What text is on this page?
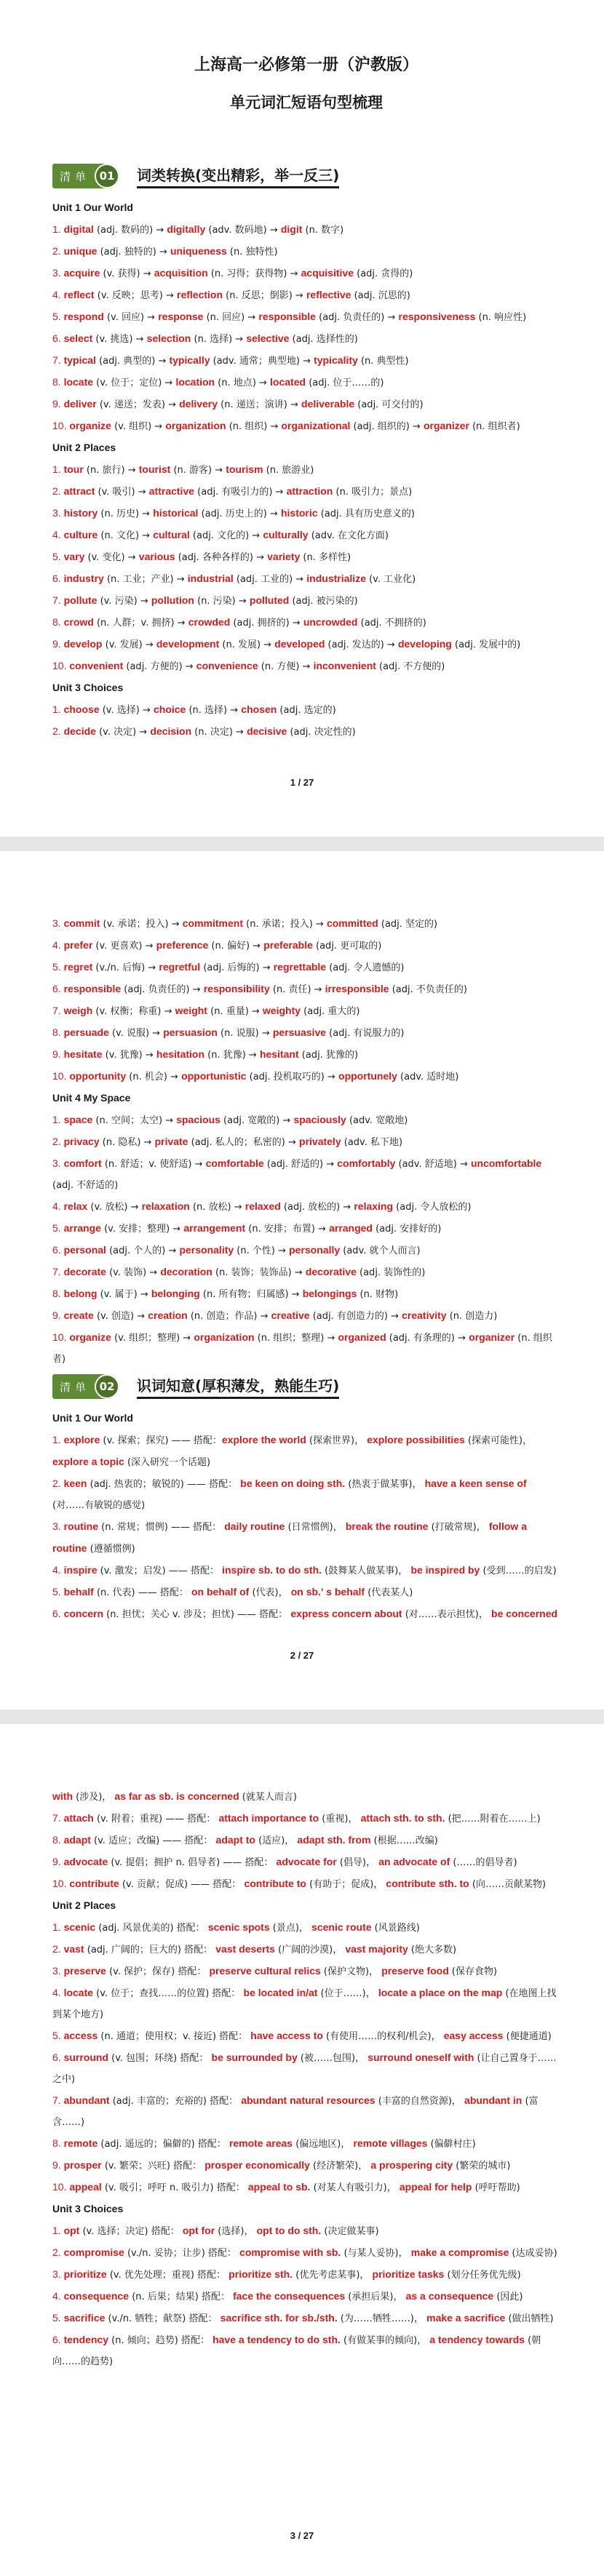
上海高一必修第一册（沪教版）
单元词汇短语句型梳理
清单 01	词类转换(变出精彩，举一反三)
Unit 1 Our World

1. digital (adj. 数码的) → digitally (adv. 数码地) → digit (n. 数字)

2. unique (adj. 独特的) → uniqueness (n. 独特性)

3. acquire (v. 获得) → acquisition (n. 习得；获得物) → acquisitive (adj. 贪得的)

4. reflect (v. 反映；思考) → reflection (n. 反思；倒影) → reflective (adj. 沉思的)

5. respond (v. 回应) → response (n. 回应) → responsible (adj. 负责任的) → responsiveness (n. 响应性)

6. select (v. 挑选) → selection (n. 选择) → selective (adj. 选择性的)

7. typical (adj. 典型的) → typically (adv. 通常；典型地) → typicality (n. 典型性)

8. locate (v. 位于；定位) → location (n. 地点) → located (adj. 位于……的)

9. deliver (v. 递送；发表) → delivery (n. 递送；演讲) → deliverable (adj. 可交付的)

10. organize (v. 组织) → organization (n. 组织) → organizational (adj. 组织的) → organizer (n. 组织者)

Unit 2 Places

1. tour (n. 旅行) → tourist (n. 游客) → tourism (n. 旅游业)

2. attract (v. 吸引) → attractive (adj. 有吸引力的) → attraction (n. 吸引力；景点)

3. history (n. 历史) → historical (adj. 历史上的) → historic (adj. 具有历史意义的)

4. culture (n. 文化) → cultural (adj. 文化的) → culturally (adv. 在文化方面)

5. vary (v. 变化) → various (adj. 各种各样的) → variety (n. 多样性)

6. industry (n. 工业；产业) → industrial (adj. 工业的) → industrialize (v. 工业化)

7. pollute (v. 污染) → pollution (n. 污染) → polluted (adj. 被污染的)

8. crowd (n. 人群；v. 拥挤) → crowded (adj. 拥挤的) → uncrowded (adj. 不拥挤的)

9. develop (v. 发展) → development (n. 发展) → developed (adj. 发达的) → developing (adj. 发展中的)

10. convenient (adj. 方便的) → convenience (n. 方便) → inconvenient (adj. 不方便的)

Unit 3 Choices

1. choose (v. 选择) → choice (n. 选择) → chosen (adj. 选定的)

2. decide (v. 决定) → decision (n. 决定) → decisive (adj. 决定性的)

1 / 27

3. commit (v. 承诺；投入) → commitment (n. 承诺；投入) → committed (adj. 坚定的)

4. prefer (v. 更喜欢) → preference (n. 偏好) → preferable (adj. 更可取的)

5. regret (v./n. 后悔) → regretful (adj. 后悔的) → regrettable (adj. 令人遗憾的)

6. responsible (adj. 负责任的) → responsibility (n. 责任) → irresponsible (adj. 不负责任的)

7. weigh (v. 权衡；称重) → weight (n. 重量) → weighty (adj. 重大的)

8. persuade (v. 说服) → persuasion (n. 说服) → persuasive (adj. 有说服力的)

9. hesitate (v. 犹豫) → hesitation (n. 犹豫) → hesitant (adj. 犹豫的)

10. opportunity (n. 机会) → opportunistic (adj. 投机取巧的) → opportunely (adv. 适时地)

Unit 4 My Space

1. space (n. 空间；太空) → spacious (adj. 宽敞的) → spaciously (adv. 宽敞地)

2. privacy (n. 隐私) → private (adj. 私人的；私密的) → privately (adv. 私下地)

3. comfort (n. 舒适；v. 使舒适) → comfortable (adj. 舒适的) → comfortably (adv. 舒适地) → uncomfortable (adj. 不舒适的)

4. relax (v. 放松) → relaxation (n. 放松) → relaxed (adj. 放松的) → relaxing (adj. 令人放松的)

5. arrange (v. 安排；整理) → arrangement (n. 安排；布置) → arranged (adj. 安排好的)

6. personal (adj. 个人的) → personality (n. 个性) → personally (adv. 就个人而言)

7. decorate (v. 装饰) → decoration (n. 装饰；装饰品) → decorative (adj. 装饰性的)

8. belong (v. 属于) → belonging (n. 所有物；归属感) → belongings (n. 财物)

9. create (v. 创造) → creation (n. 创造；作品) → creative (adj. 有创造力的) → creativity (n. 创造力)

10. organize (v. 组织；整理) → organization (n. 组织；整理) → organized (adj. 有条理的) → organizer (n. 组织者)

清单 02	识词知意(厚积薄发，熟能生巧)
Unit 1 Our World

1. explore (v. 探索；探究) —— 搭配：explore the world (探索世界)， explore possibilities (探索可能性)， explore a topic (深入研究一个话题)

2. keen (adj. 热衷的；敏锐的) —— 搭配： be keen on doing sth. (热衷于做某事)， have a keen sense of (对……有敏锐的感觉)

3. routine (n. 常规；惯例) —— 搭配： daily routine (日常惯例)， break the routine (打破常规)， follow a routine (遵循惯例)

4. inspire (v. 激发；启发) —— 搭配： inspire sb. to do sth. (鼓舞某人做某事)， be inspired by (受到……的启发)

5. behalf (n. 代表) —— 搭配： on behalf of (代表)， on sb.' s behalf (代表某人)

6. concern (n. 担忧；关心 v. 涉及；担忧) —— 搭配： express concern about (对……表示担忧)， be concerned

2 / 27

with (涉及)， as far as sb. is concerned (就某人而言)

7. attach (v. 附着；重视) —— 搭配： attach importance to (重视)， attach sth. to sth. (把……附着在……上)

8. adapt (v. 适应；改编) —— 搭配： adapt to (适应)， adapt sth. from (根据……改编)

9. advocate (v. 提倡；拥护 n. 倡导者) —— 搭配： advocate for (倡导)， an advocate of (……的倡导者)

10. contribute (v. 贡献；促成) —— 搭配： contribute to (有助于；促成)， contribute sth. to (向……贡献某物)

Unit 2 Places

1. scenic (adj. 风景优美的) 搭配： scenic spots (景点)， scenic route (风景路线)

2. vast (adj. 广阔的；巨大的) 搭配： vast deserts (广阔的沙漠)， vast majority (绝大多数)

3. preserve (v. 保护；保存) 搭配： preserve cultural relics (保护文物)， preserve food (保存食物)

4. locate (v. 位于；查找……的位置) 搭配： be located in/at (位于……)， locate a place on the map (在地图上找到某个地方)

5. access (n. 通道；使用权；v. 接近) 搭配： have access to (有使用……的权利/机会)， easy access (便捷通道)

6. surround (v. 包围；环绕) 搭配： be surrounded by (被……包围)， surround oneself with (让自己置身于……之中)

7. abundant (adj. 丰富的；充裕的) 搭配： abundant natural resources (丰富的自然资源)， abundant in (富含……)

8. remote (adj. 遥远的；偏僻的) 搭配： remote areas (偏远地区)， remote villages (偏僻村庄)

9. prosper (v. 繁荣；兴旺) 搭配： prosper economically (经济繁荣)， a prospering city (繁荣的城市)

10. appeal (v. 吸引；呼吁 n. 吸引力) 搭配： appeal to sb. (对某人有吸引力)， appeal for help (呼吁帮助)

Unit 3 Choices

1. opt (v. 选择；决定) 搭配： opt for (选择)， opt to do sth. (决定做某事)

2. compromise (v./n. 妥协；让步) 搭配： compromise with sb. (与某人妥协)， make a compromise (达成妥协)

3. prioritize (v. 优先处理；重视) 搭配： prioritize sth. (优先考虑某事)， prioritize tasks (划分任务优先级)

4. consequence (n. 后果；结果) 搭配： face the consequences (承担后果)， as a consequence (因此)

5. sacrifice (v./n. 牺牲；献祭) 搭配： sacrifice sth. for sb./sth. (为……牺牲……)， make a sacrifice (做出牺牲)

6. tendency (n. 倾向；趋势) 搭配： have a tendency to do sth. (有做某事的倾向)， a tendency towards (朝向……的趋势)

3 / 27
